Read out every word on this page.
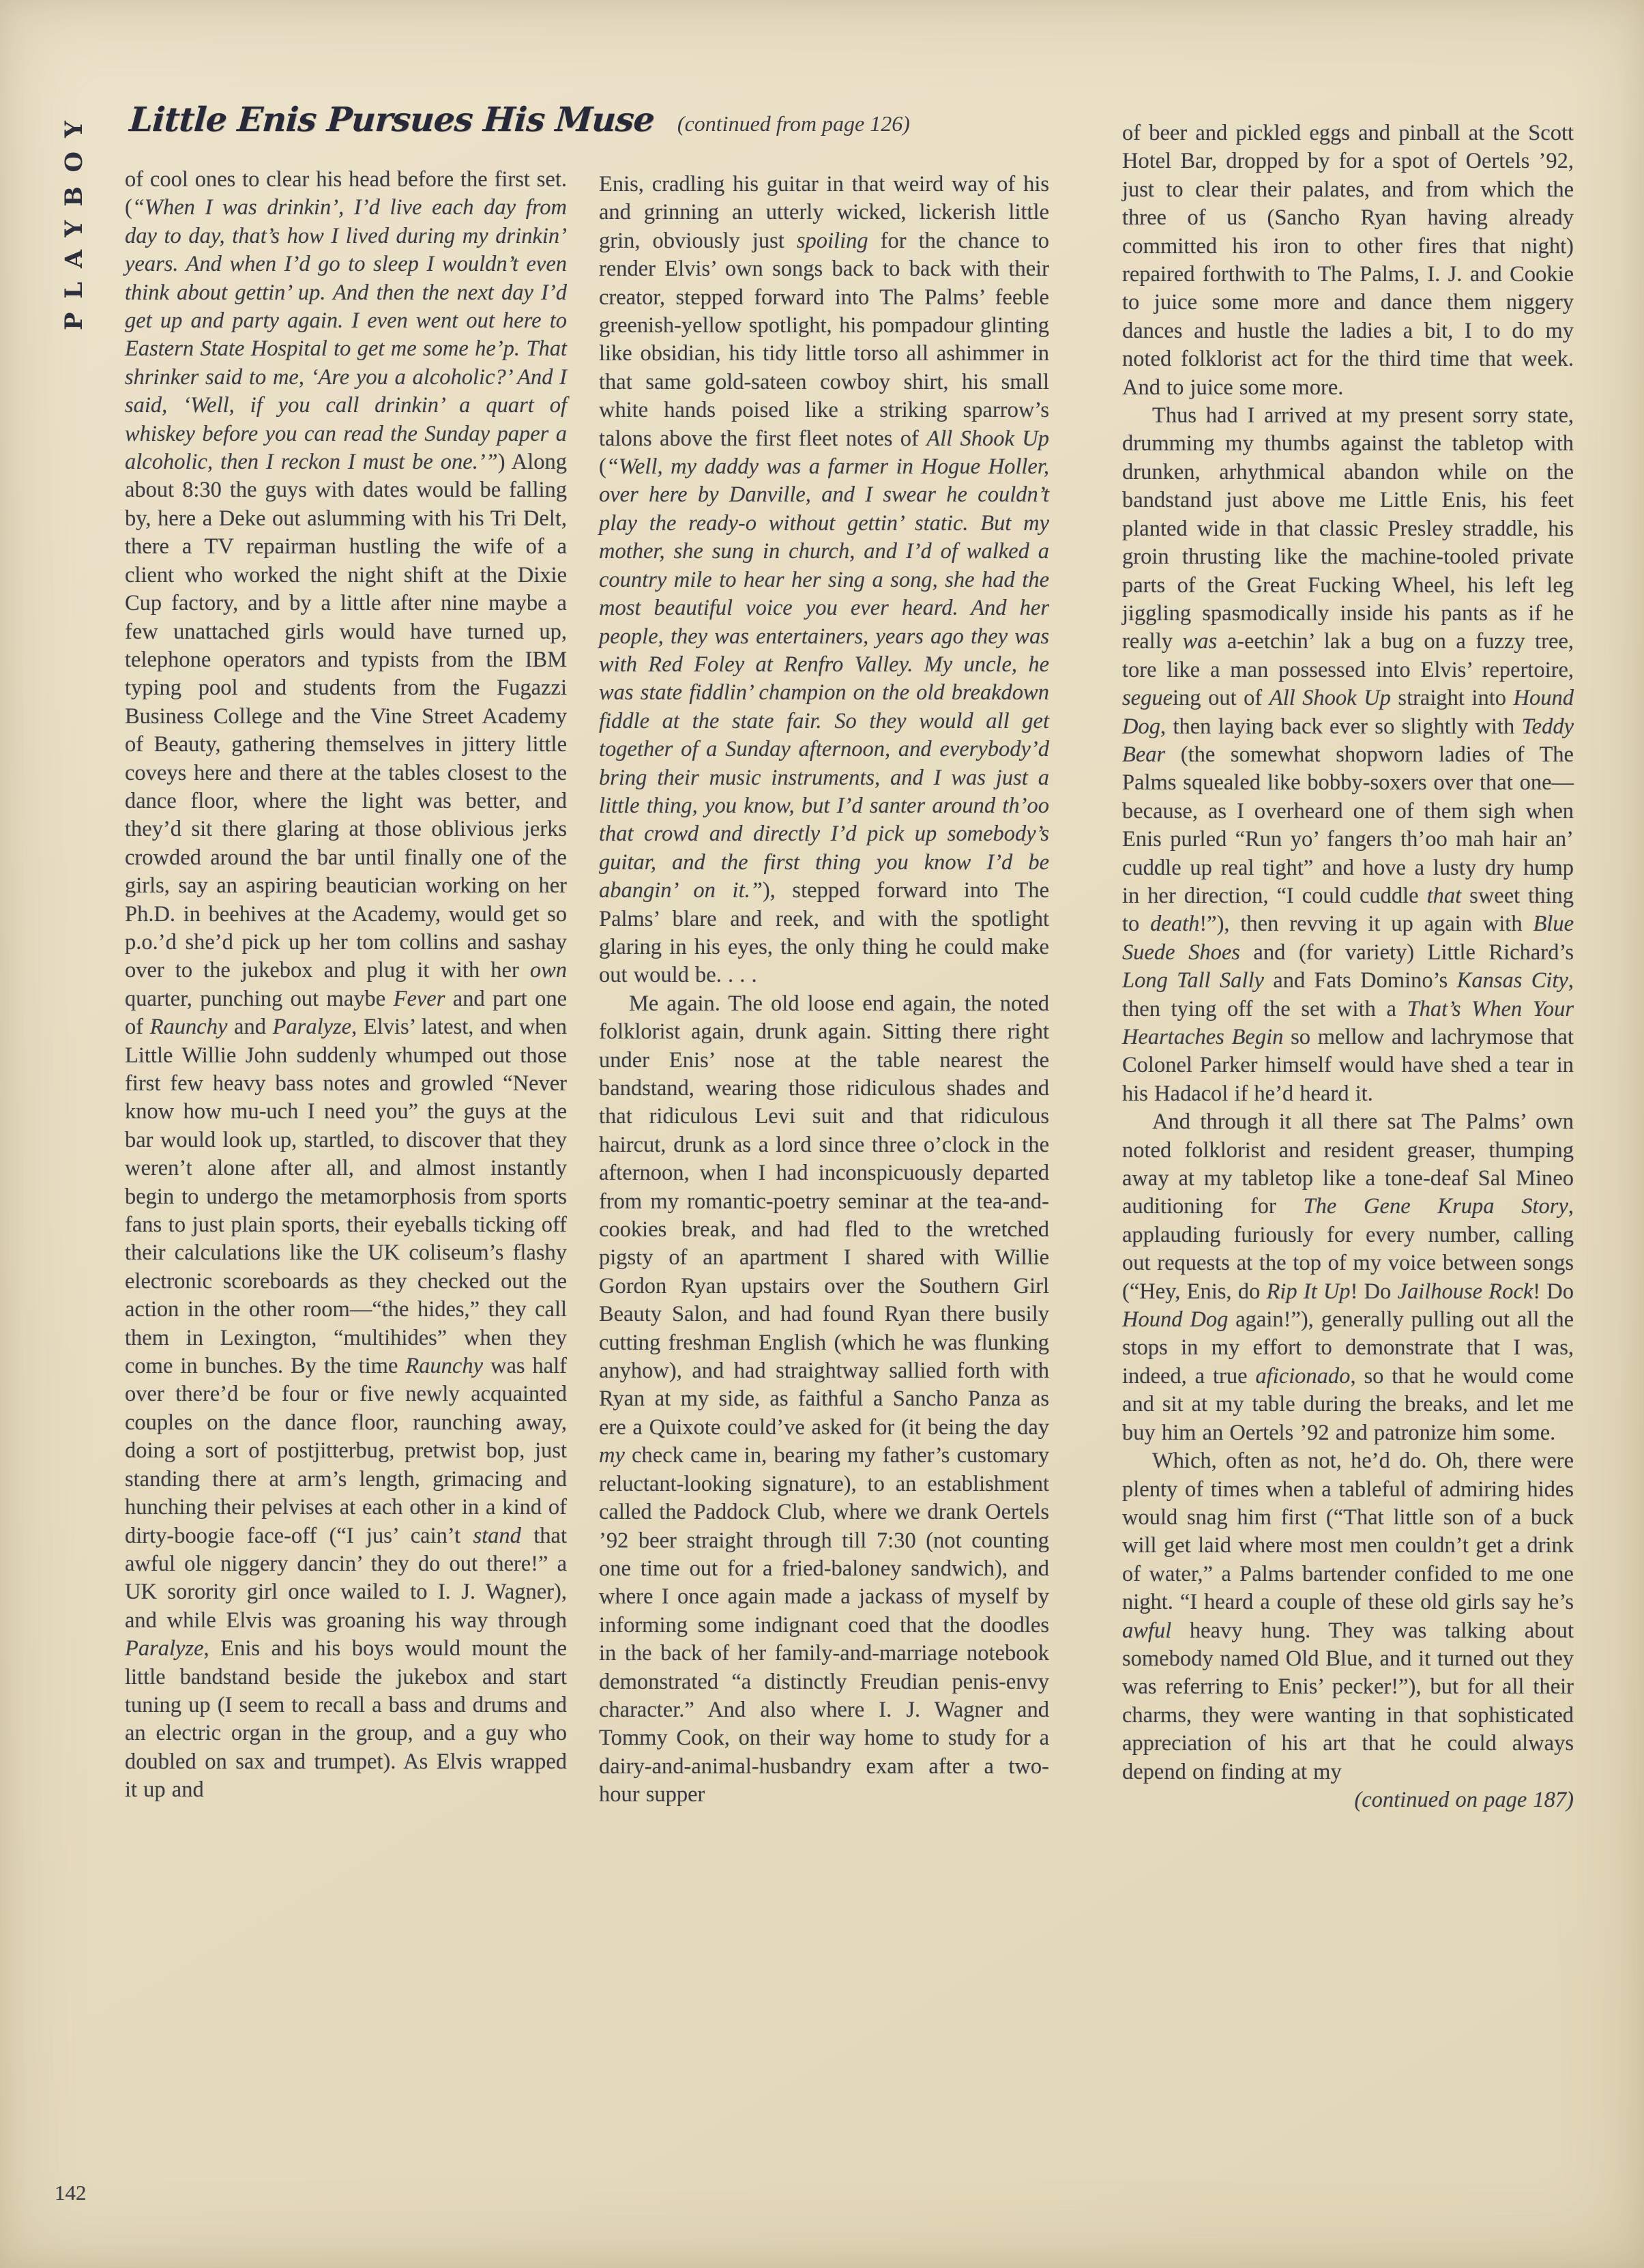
PLAYBOY Little Enis Pursues His Muse (continued from page 126)

of cool ones to clear his head before the first set. (“When I was drinkin’, I’d live each day from day to day, that’s how I lived during my drinkin’ years. And when I’d go to sleep I wouldn’t even think about gettin’ up. And then the next day I’d get up and party again. I even went out here to Eastern State Hospital to get me some he’p. That shrinker said to me, ‘Are you a alcoholic?’ And I said, ‘Well, if you call drinkin’ a quart of whiskey before you can read the Sunday paper a alcoholic, then I reckon I must be one.’”) Along about 8:30 the guys with dates would be falling by, here a Deke out aslumming with his Tri Delt, there a TV repairman hustling the wife of a client who worked the night shift at the Dixie Cup factory, and by a little after nine maybe a few unattached girls would have turned up, telephone operators and typists from the IBM typing pool and students from the Fugazzi Business College and the Vine Street Academy of Beauty, gathering themselves in jittery little coveys here and there at the tables closest to the dance floor, where the light was better, and they’d sit there glaring at those oblivious jerks crowded around the bar until finally one of the girls, say an aspiring beautician working on her Ph.D. in beehives at the Academy, would get so p.o.’d she’d pick up her tom collins and sashay over to the jukebox and plug it with her own quarter, punching out maybe Fever and part one of Raunchy and Paralyze, Elvis’ latest, and when Little Willie John suddenly whumped out those first few heavy bass notes and growled “Never know how mu-uch I need you” the guys at the bar would look up, startled, to discover that they weren’t alone after all, and almost instantly begin to undergo the metamorphosis from sports fans to just plain sports, their eyeballs ticking off their calculations like the UK coliseum’s flashy electronic scoreboards as they checked out the action in the other room—“the hides,” they call them in Lexington, “multihides” when they come in bunches. By the time Raunchy was half over there’d be four or five newly acquainted couples on the dance floor, raunching away, doing a sort of postjitterbug, pretwist bop, just standing there at arm’s length, grimacing and hunching their pelvises at each other in a kind of dirty-boogie face-off (“I jus’ cain’t stand that awful ole niggery dancin’ they do out there!” a UK sorority girl once wailed to I. J. Wagner), and while Elvis was groaning his way through Paralyze, Enis and his boys would mount the little bandstand beside the jukebox and start tuning up (I seem to recall a bass and drums and an electric organ in the group, and a guy who doubled on sax and trumpet). As Elvis wrapped it up and

Enis, cradling his guitar in that weird way of his and grinning an utterly wicked, lickerish little grin, obviously just spoiling for the chance to render Elvis’ own songs back to back with their creator, stepped forward into The Palms’ feeble greenish-yellow spotlight, his pompadour glinting like obsidian, his tidy little torso all ashimmer in that same gold-sateen cowboy shirt, his small white hands poised like a striking sparrow’s talons above the first fleet notes of All Shook Up (“Well, my daddy was a farmer in Hogue Holler, over here by Danville, and I swear he couldn’t play the ready-o without gettin’ static. But my mother, she sung in church, and I’d of walked a country mile to hear her sing a song, she had the most beautiful voice you ever heard. And her people, they was entertainers, years ago they was with Red Foley at Renfro Valley. My uncle, he was state fiddlin’ champion on the old breakdown fiddle at the state fair. So they would all get together of a Sunday afternoon, and everybody’d bring their music instruments, and I was just a little thing, you know, but I’d santer around th’oo that crowd and directly I’d pick up somebody’s guitar, and the first thing you know I’d be abangin’ on it.”), stepped forward into The Palms’ blare and reek, and with the spotlight glaring in his eyes, the only thing he could make out would be. . . .

Me again. The old loose end again, the noted folklorist again, drunk again. Sitting there right under Enis’ nose at the table nearest the bandstand, wearing those ridiculous shades and that ridiculous Levi suit and that ridiculous haircut, drunk as a lord since three o’clock in the afternoon, when I had inconspicuously departed from my romantic-poetry seminar at the tea-and-cookies break, and had fled to the wretched pigsty of an apartment I shared with Willie Gordon Ryan upstairs over the Southern Girl Beauty Salon, and had found Ryan there busily cutting freshman English (which he was flunking anyhow), and had straightway sallied forth with Ryan at my side, as faithful a Sancho Panza as ere a Quixote could’ve asked for (it being the day my check came in, bearing my father’s customary reluctant-looking signature), to an establishment called the Paddock Club, where we drank Oertels ’92 beer straight through till 7:30 (not counting one time out for a fried-baloney sandwich), and where I once again made a jackass of myself by informing some indignant coed that the doodles in the back of her family-and-marriage notebook demonstrated “a distinctly Freudian penis-envy character.” And also where I. J. Wagner and Tommy Cook, on their way home to study for a dairy-and-animal-husbandry exam after a two-hour supper

of beer and pickled eggs and pinball at the Scott Hotel Bar, dropped by for a spot of Oertels ’92, just to clear their palates, and from which the three of us (Sancho Ryan having already committed his iron to other fires that night) repaired forthwith to The Palms, I. J. and Cookie to juice some more and dance them niggery dances and hustle the ladies a bit, I to do my noted folklorist act for the third time that week. And to juice some more.

Thus had I arrived at my present sorry state, drumming my thumbs against the tabletop with drunken, arhythmical abandon while on the bandstand just above me Little Enis, his feet planted wide in that classic Presley straddle, his groin thrusting like the machine-tooled private parts of the Great Fucking Wheel, his left leg jiggling spasmodically inside his pants as if he really was a-eetchin’ lak a bug on a fuzzy tree, tore like a man possessed into Elvis’ repertoire, segueing out of All Shook Up straight into Hound Dog, then laying back ever so slightly with Teddy Bear (the somewhat shopworn ladies of The Palms squealed like bobby-soxers over that one—because, as I overheard one of them sigh when Enis purled “Run yo’ fangers th’oo mah hair an’ cuddle up real tight” and hove a lusty dry hump in her direction, “I could cuddle that sweet thing to death!”), then revving it up again with Blue Suede Shoes and (for variety) Little Richard’s Long Tall Sally and Fats Domino’s Kansas City, then tying off the set with a That’s When Your Heartaches Begin so mellow and lachrymose that Colonel Parker himself would have shed a tear in his Hadacol if he’d heard it.

And through it all there sat The Palms’ own noted folklorist and resident greaser, thumping away at my tabletop like a tone-deaf Sal Mineo auditioning for The Gene Krupa Story, applauding furiously for every number, calling out requests at the top of my voice between songs (“Hey, Enis, do Rip It Up! Do Jailhouse Rock! Do Hound Dog again!”), generally pulling out all the stops in my effort to demonstrate that I was, indeed, a true aficionado, so that he would come and sit at my table during the breaks, and let me buy him an Oertels ’92 and patronize him some.

Which, often as not, he’d do. Oh, there were plenty of times when a tableful of admiring hides would snag him first (“That little son of a buck will get laid where most men couldn’t get a drink of water,” a Palms bartender confided to me one night. “I heard a couple of these old girls say he’s awful heavy hung. They was talking about somebody named Old Blue, and it turned out they was referring to Enis’ pecker!”), but for all their charms, they were wanting in that sophisticated appreciation of his art that he could always depend on finding at my

(continued on page 187)
142
